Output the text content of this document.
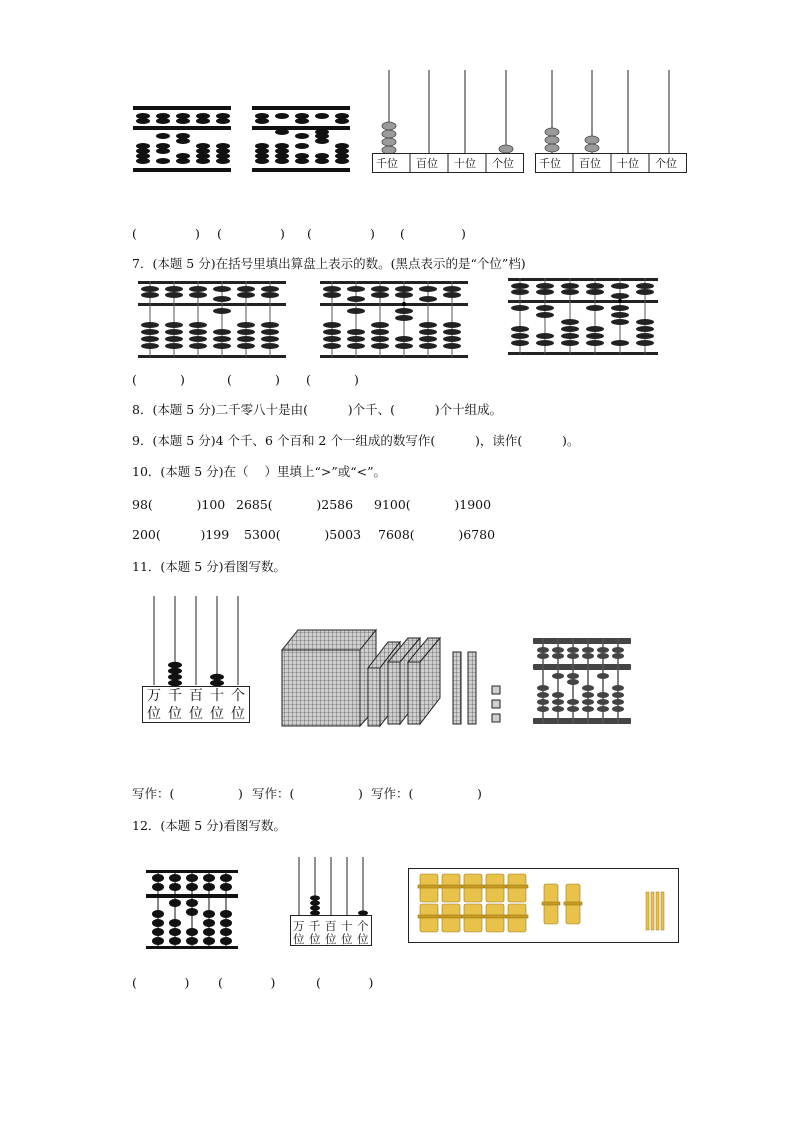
千位 百位 十位 个位 千位 百位 十位 个位
(	) (	) (	) (	)
7．(本题 5 分)在括号里填出算盘上表示的数。(黑点表示的是“个位”档)
(	)	(	) (	)
8．(本题 5 分)二千零八十是由(          )个千、(          )个十组成。
9．(本题 5 分)4 个千、6 个百和 2 个一组成的数写作(          )，读作(          )。
10．(本题 5 分)在（    ）里填上“>”或“<”。
98(           )100 2685(           )2586 9100(           )1900
200(          )199 5300(           )5003 7608(           )6780
11．(本题 5 分)看图写数。
万 千 百 十 个
位 位 位 位 位
写作：(                ) 写作：(                ) 写作：(                )
12．(本题 5 分)看图写数。
万 千 百 十 个
位 位 位 位 位
(            ) (            )	(            )
